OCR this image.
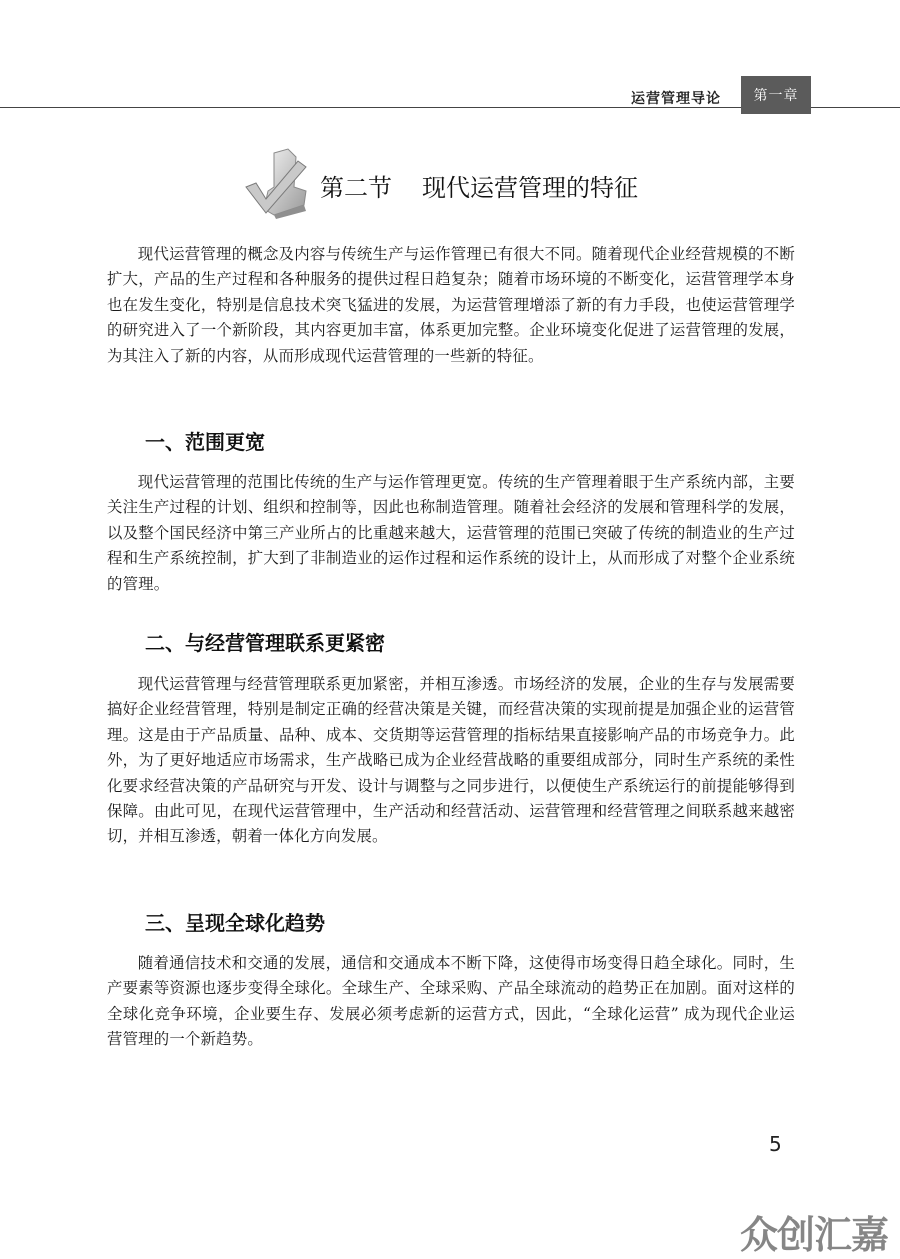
运营管理导论	第一章
第二节 现代运营管理的特征

现代运营管理的概念及内容与传统生产与运作管理已有很大不同。随着现代企业经营规模的不断扩大，产品的生产过程和各种服务的提供过程日趋复杂；随着市场环境的不断变化，运营管理学本身也在发生变化，特别是信息技术突飞猛进的发展，为运营管理增添了新的有力手段，也使运营管理学的研究进入了一个新阶段，其内容更加丰富，体系更加完整。企业环境变化促进了运营管理的发展，为其注入了新的内容，从而形成现代运营管理的一些新的特征。

一、范围更宽

现代运营管理的范围比传统的生产与运作管理更宽。传统的生产管理着眼于生产系统内部，主要关注生产过程的计划、组织和控制等，因此也称制造管理。随着社会经济的发展和管理科学的发展，以及整个国民经济中第三产业所占的比重越来越大，运营管理的范围已突破了传统的制造业的生产过程和生产系统控制，扩大到了非制造业的运作过程和运作系统的设计上，从而形成了对整个企业系统的管理。

二、与经营管理联系更紧密

现代运营管理与经营管理联系更加紧密，并相互渗透。市场经济的发展，企业的生存与发展需要搞好企业经营管理，特别是制定正确的经营决策是关键，而经营决策的实现前提是加强企业的运营管理。这是由于产品质量、品种、成本、交货期等运营管理的指标结果直接影响产品的市场竞争力。此外，为了更好地适应市场需求，生产战略已成为企业经营战略的重要组成部分，同时生产系统的柔性化要求经营决策的产品研究与开发、设计与调整与之同步进行，以便使生产系统运行的前提能够得到保障。由此可见，在现代运营管理中，生产活动和经营活动、运营管理和经营管理之间联系越来越密切，并相互渗透，朝着一体化方向发展。

三、呈现全球化趋势

随着通信技术和交通的发展，通信和交通成本不断下降，这使得市场变得日趋全球化。同时，生产要素等资源也逐步变得全球化。全球生产、全球采购、产品全球流动的趋势正在加剧。面对这样的全球化竞争环境，企业要生存、发展必须考虑新的运营方式，因此，“全球化运营” 成为现代企业运营管理的一个新趋势。

5
众创汇嘉
